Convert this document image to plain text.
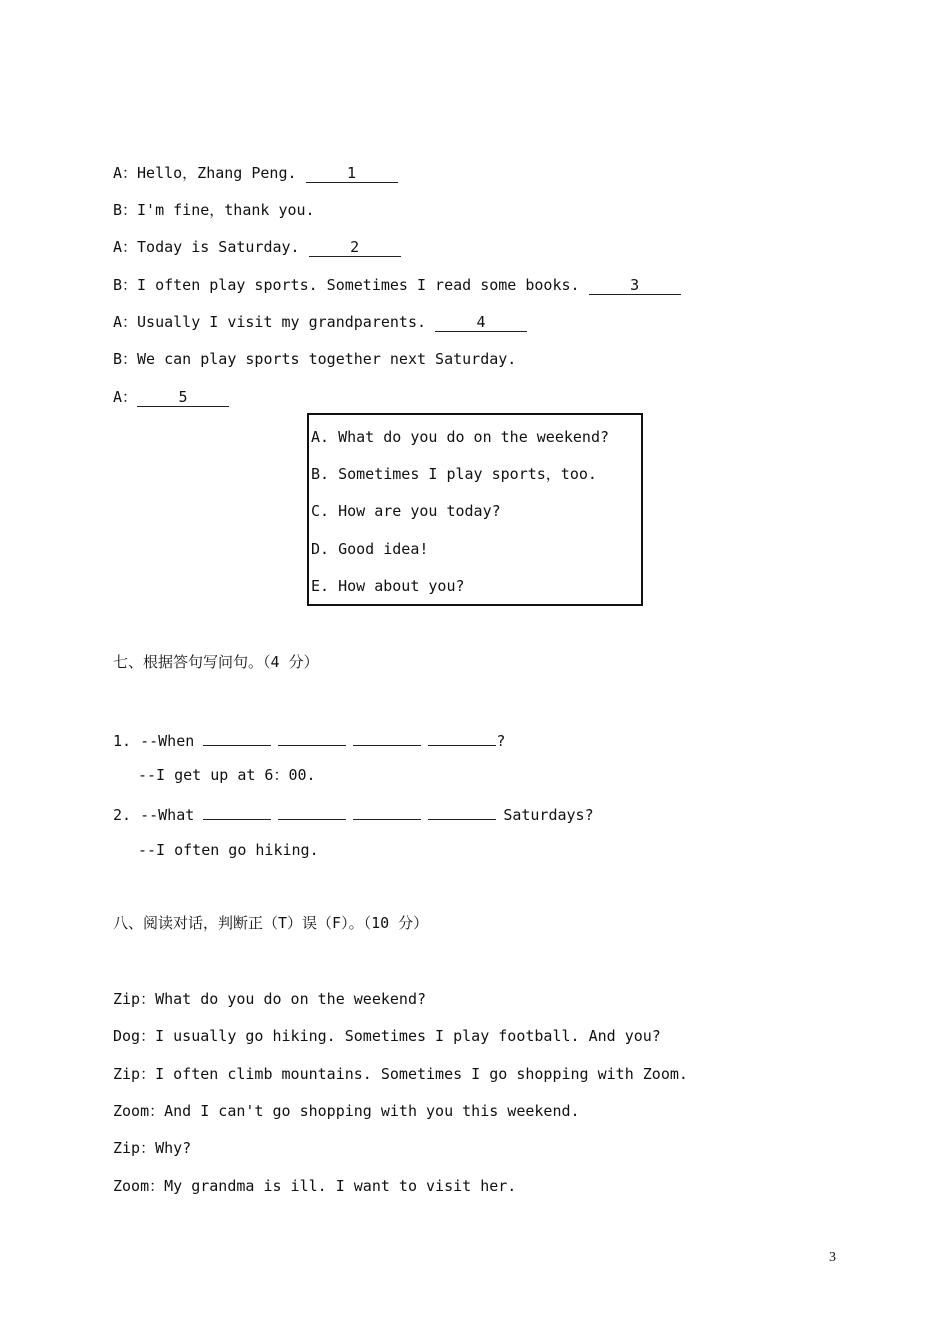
A：Hello，Zhang Peng.	1
B：I'm fine，thank you.
A：Today is Saturday.	2
B：I often play sports. Sometimes I read some books.	3
A：Usually I visit my grandparents.	4
B：We can play sports together next Saturday.
A：	5
A. What do you do on the weekend?
B. Sometimes I play sports，too.
C. How are you today?
D. Good idea!
E. How about you?
七、根据答句写问句。（4 分）
1. --When	?
--I get up at 6：00.
2. --What	Saturdays?
--I often go hiking.
八、阅读对话，判断正（T）误（F）。（10 分）
Zip：What do you do on the weekend?
Dog：I usually go hiking. Sometimes I play football. And you?
Zip：I often climb mountains. Sometimes I go shopping with Zoom.
Zoom：And I can't go shopping with you this weekend.
Zip：Why?
Zoom：My grandma is ill. I want to visit her.
3
